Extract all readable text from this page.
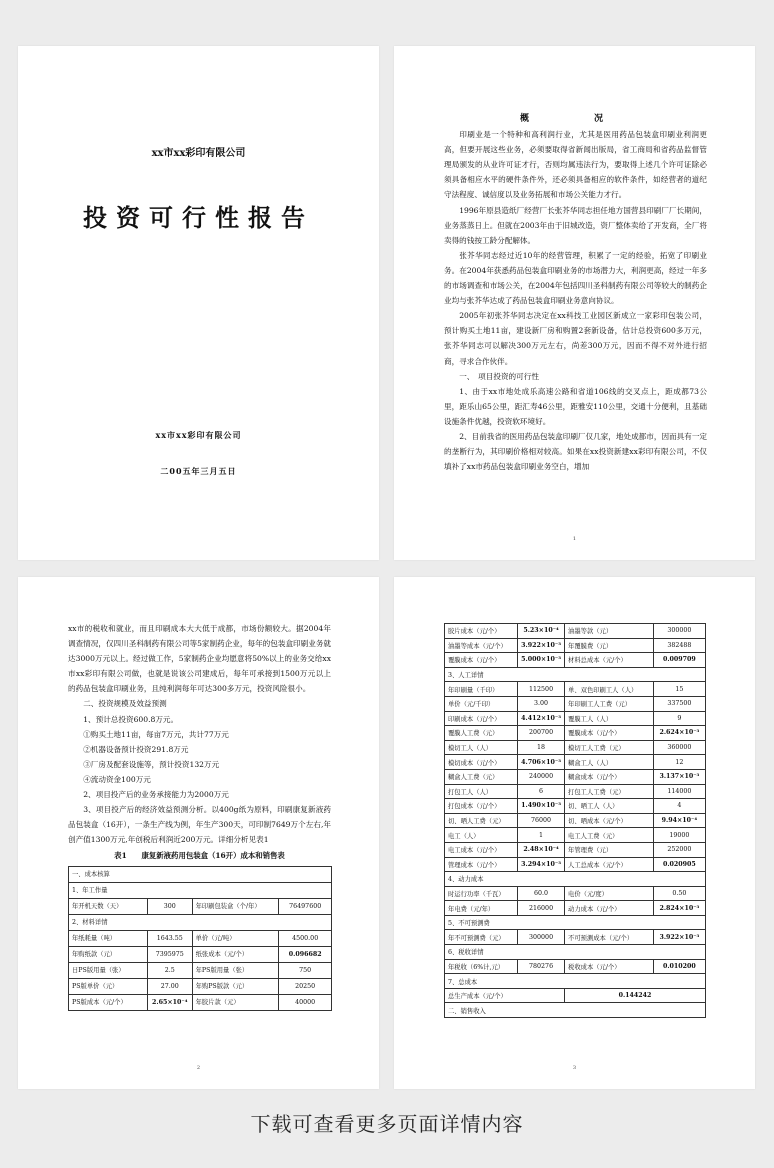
xx市xx彩印有限公司
投资可行性报告
xx市xx彩印有限公司
二00五年三月五日

概　况

印刷业是一个特种和高利润行业，尤其是医用药品包装盒印刷业利润更高，但要开展这些业务，必须要取得省新闻出版局，省工商局和省药品监督管理局颁发的从业许可证才行，否则均属违法行为，要取得上述几个许可证除必须具备相应水平的硬件条件外，还必须具备相应的软件条件，如经营者的道纪守法程度、诚信度以及业务拓展和市场公关能力才行。

1996年原县造纸厂经营厂长张芥华同志担任地方国营县印刷厂厂长期间，业务蒸蒸日上。但就在2003年由于旧城改造，资厂整体卖给了开发商，全厂将卖得的钱按工龄分配解体。

张芥华同志经过近10年的经营管理，积累了一定的经验，拓宽了印刷业务。在2004年获悉药品包装盒印刷业务的市场潜力大，利润更高，经过一年多的市场调查和市场公关，在2004年包括四川圣科制药有限公司等较大的制药企业均与张芥华达成了药品包装盒印刷业务意向协议。

2005年初张芥华同志决定在xx科技工业园区新成立一家彩印包装公司，预计购买土地11亩，建设新厂房和购置2套新设备，估计总投资600多万元，张芥华同志可以解决300万元左右，尚差300万元，因而不得不对外进行招商，寻求合作伙伴。

一、　项目投资的可行性

1、由于xx市地处成乐高速公路和省道106线的交叉点上，距成都73公里，距乐山65公里，距汇寿46公里，距雅安110公里，交通十分便利，且基础设施条件优越，投资软环境好。

2、目前我省的医用药品包装盒印刷厂仅几家，地处成都市，因而具有一定的垄断行为，其印刷价格相对较高。如果在xx投资新建xx彩印有限公司，不仅填补了xx市药品包装盒印刷业务空白，增加

1

xx市的税收和就业，而且印刷成本大大低于成都，市场份额较大。据2004年调查情况，仅四川圣科制药有限公司等5家制药企业，每年的包装盒印刷业务就达3000万元以上。经过做工作，5家制药企业均愿意将50%以上的业务交给xx市xx彩印有限公司做，也就是说该公司建成后，每年可承接到1500万元以上的药品包装盒印刷业务，且纯利润每年可达300多万元，投资风险很小。

二、投资规模及效益预测

1、预计总投资600.8万元。

①购买土地11亩，每亩7万元，共计77万元

②机器设备预计投资291.8万元

③厂房及配套设施等，预计投资132万元

④流动资金100万元

2、项目投产后的业务承接能力为2000万元

3、项目投产后的经济效益预测分析。以400g纸为原料，印刷康复新液药品包装盒（16开），一条生产线为例，年生产300天，可印制7649万个左右,年创产值1300万元,年创税后利润近200万元。详细分析见表1

表1　　康复新液药用包装盒（16开）成本和销售表
一、成本核算			
1、年工作量			
年开机天数（天）	300	年印刷包装盒（个/年）	76497600
2、材料详情			
年纸耗量（吨）	1643.55	单价（元/吨）	4500.00
年购纸款（元）	7395975	纸张成本（元/个）	0.096682
日PS版用量（张）	2.5	年PS版用量（张）	750
PS版单价（元）	27.00	年购PS版款（元）	20250
PS版成本（元/个）	2.65×10⁻⁴	年胶片款（元）	40000
2
胶片成本（元/个）	5.23×10⁻⁴	油墨等款（元）	300000
油墨等成本（元/个）	3.922×10⁻³	年覆膜费（元）	382488
覆膜成本（元/个）	5.000×10⁻³	材料总成本（元/个）	0.009709
3、人工详情			
年印刷量（千印）	112500	单、双色印刷工人（人）	15
单价（元/千印）	3.00	年印刷工人工费（元）	337500
印刷成本（元/个）	4.412×10⁻³	覆膜工人（人）	9
覆膜人工费（元）	200700	覆膜成本（元/个）	2.624×10⁻³
模切工人（人）	18	模切工人工费（元）	360000
模切成本（元/个）	4.706×10⁻³	糊盒工人（人）	12
糊盒人工费（元）	240000	糊盒成本（元/个）	3.137×10⁻³
打包工人（人）	6	打包工人工费（元）	114000
打包成本（元/个）	1.490×10⁻³	切、晒工人（人）	4
切、晒人工费（元）	76000	切、晒成本（元/个）	9.94×10⁻⁴
电工（人）	1	电工人工费（元）	19000
电工成本（元/个）	2.48×10⁻⁴	年管理费（元）	252000
管理成本（元/个）	3.294×10⁻³	人工总成本（元/个）	0.020905
4、动力成本			
时运行功率（千瓦）	60.0	电价（元/度）	0.50
年电费（元/年）	216000	动力成本（元/个）	2.824×10⁻³
5、不可预测费			
年不可预测费（元）	300000	不可预测成本（元/个）	3.922×10⁻³
6、税收详情			
年税收（6%计,元）	780276	税收成本（元/个）	0.010200
7、总成本			
总生产成本（元/个）		0.144242	
二、销售收入			
3
下载可查看更多页面详情内容
